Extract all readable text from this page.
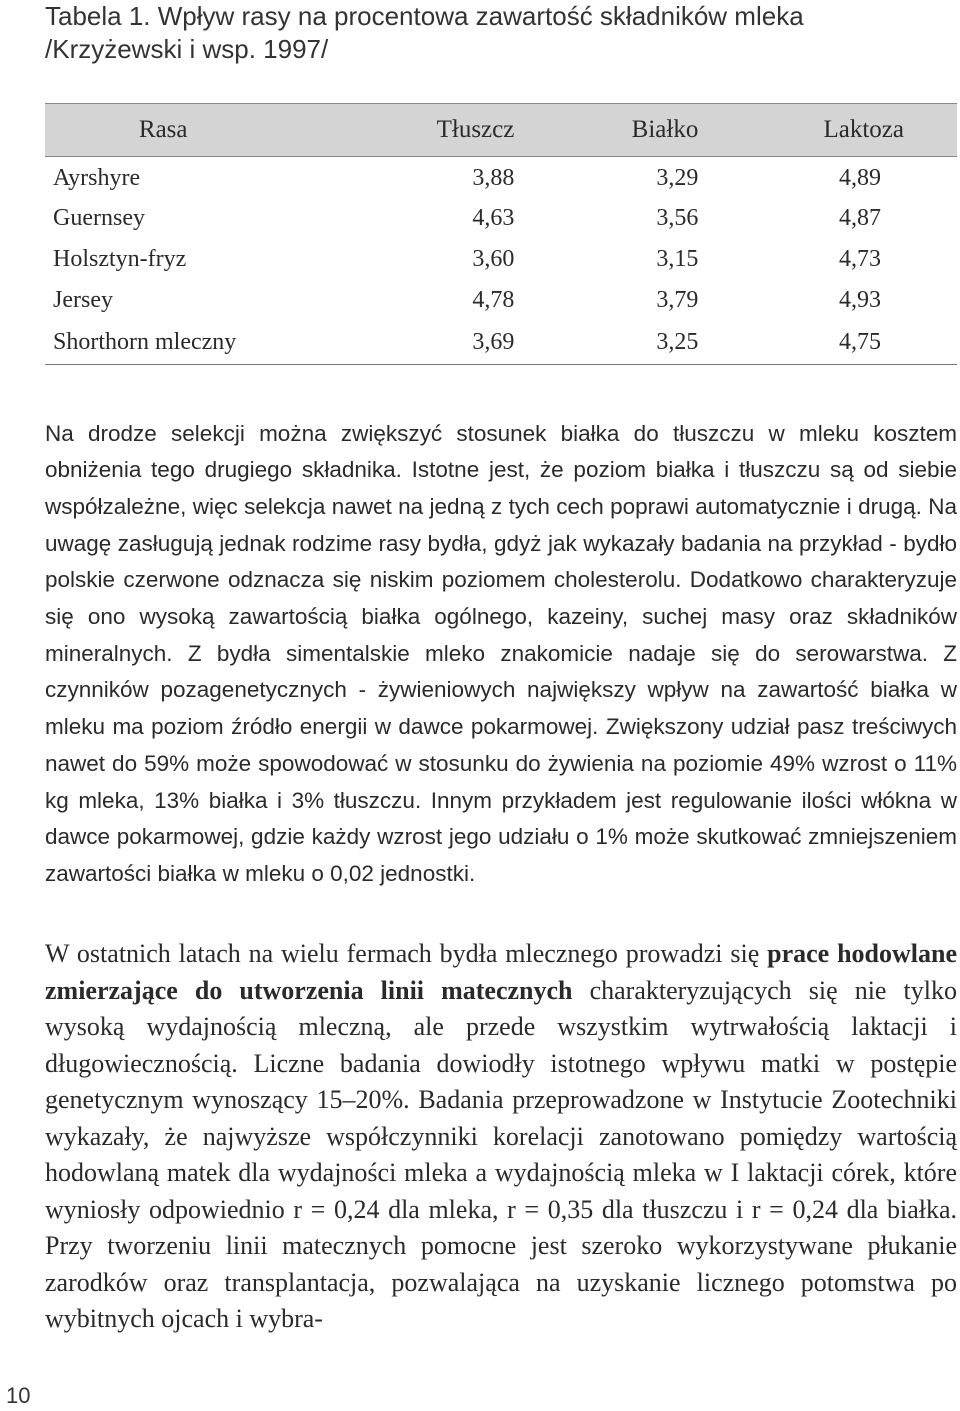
Tabela 1. Wpływ rasy na procentowa zawartość składników mleka
/Krzyżewski i wsp. 1997/
Rasa	Tłuszcz	Białko	Laktoza
Ayrshyre	3,88	3,29	4,89
Guernsey	4,63	3,56	4,87
Holsztyn-fryz	3,60	3,15	4,73
Jersey	4,78	3,79	4,93
Shorthorn mleczny	3,69	3,25	4,75

Na drodze selekcji można zwiększyć stosunek białka do tłuszczu w mleku kosztem obniżenia tego drugiego składnika. Istotne jest, że poziom białka i tłuszczu są od siebie współzależne, więc selekcja nawet na jedną z tych cech poprawi automatycznie i drugą. Na uwagę zasługują jednak rodzime rasy bydła, gdyż jak wykazały badania na przykład - bydło polskie czerwone odznacza się niskim poziomem cholesterolu. Dodatkowo charakteryzuje się ono wysoką zawartością białka ogólnego, kazeiny, suchej masy oraz składników mineralnych. Z bydła simentalskie mleko znakomicie nadaje się do serowarstwa. Z czynników pozagenetycznych - żywieniowych największy wpływ na zawartość białka w mleku ma poziom źródło energii w dawce pokarmowej. Zwiększony udział pasz treściwych nawet do 59% może spowodować w stosunku do żywienia na poziomie 49% wzrost o 11% kg mleka, 13% białka i 3% tłuszczu. Innym przykładem jest regulowanie ilości włókna w dawce pokarmowej, gdzie każdy wzrost jego udziału o 1% może skutkować zmniejszeniem zawartości białka w mleku o 0,02 jednostki.

W ostatnich latach na wielu fermach bydła mlecznego prowadzi się prace hodowlane zmierzające do utworzenia linii matecznych charakteryzujących się nie tylko wysoką wydajnością mleczną, ale przede wszystkim wytrwałością laktacji i długowiecznością. Liczne badania dowiodły istotnego wpływu matki w postępie genetycznym wynoszący 15–20%. Badania przeprowadzone w Instytucie Zootechniki wykazały, że najwyższe współczynniki korelacji zanotowano pomiędzy wartością hodowlaną matek dla wydajności mleka a wydajnością mleka w I laktacji córek, które wyniosły odpowiednio r = 0,24 dla mleka, r = 0,35 dla tłuszczu i r = 0,24 dla białka. Przy tworzeniu linii matecznych pomocne jest szeroko wykorzystywane płukanie zarodków oraz transplantacja, pozwalająca na uzyskanie licznego potomstwa po wybitnych ojcach i wybra-

10
